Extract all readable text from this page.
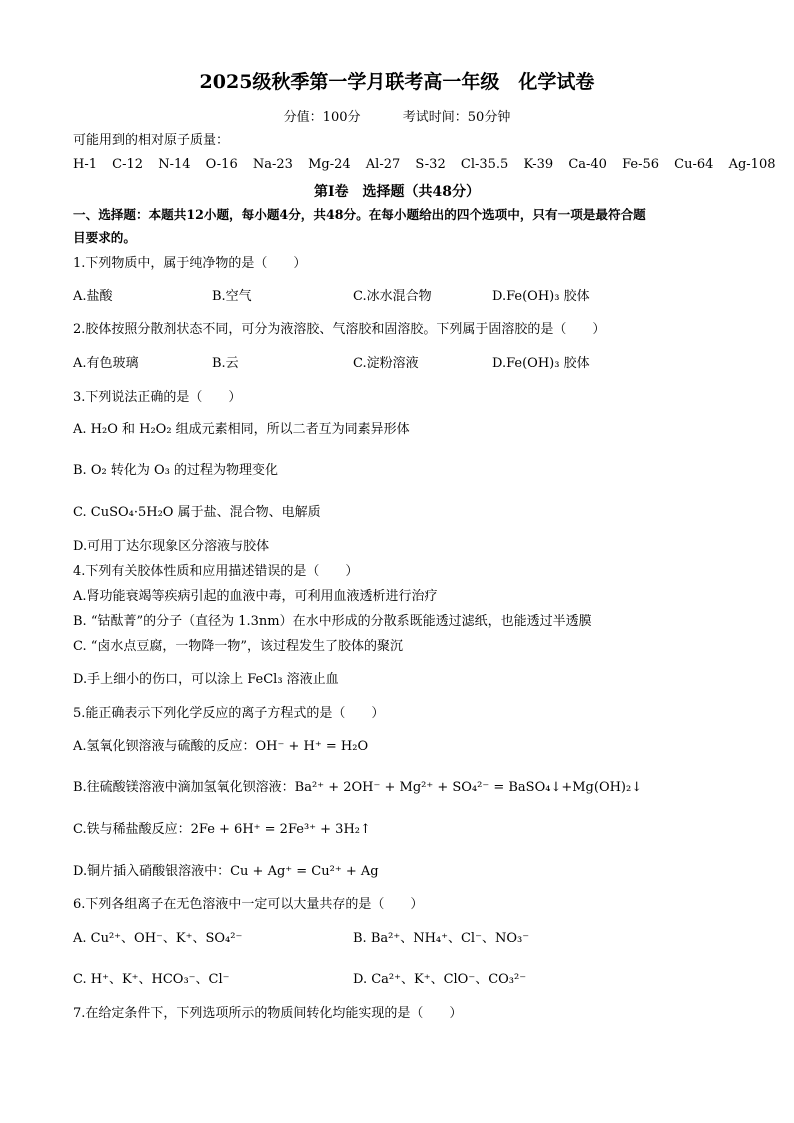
2025级秋季第一学月联考高一年级　化学试卷
分值：100分	考试时间：50分钟
可能用到的相对原子质量：
H-1 C-12 N-14 O-16 Na-23 Mg-24 Al-27 S-32 Cl-35.5 K-39 Ca-40 Fe-56 Cu-64 Ag-108
第Ⅰ卷　选择题（共48分）
一、选择题：本题共12小题，每小题4分，共48分。在每小题给出的四个选项中，只有一项是最符合题
目要求的。
1.下列物质中，属于纯净物的是（　　）
A.盐酸	B.空气	C.冰水混合物	D.Fe(OH)₃ 胶体
2.胶体按照分散剂状态不同，可分为液溶胶、气溶胶和固溶胶。下列属于固溶胶的是（　　）
A.有色玻璃	B.云	C.淀粉溶液	D.Fe(OH)₃ 胶体
3.下列说法正确的是（　　）
A. H₂O 和 H₂O₂ 组成元素相同，所以二者互为同素异形体
B. O₂ 转化为 O₃ 的过程为物理变化
C. CuSO₄·5H₂O 属于盐、混合物、电解质
D.可用丁达尔现象区分溶液与胶体
4.下列有关胶体性质和应用描述错误的是（　　）
A.肾功能衰竭等疾病引起的血液中毒，可利用血液透析进行治疗
B. “钴酞菁”的分子（直径为 1.3nm）在水中形成的分散系既能透过滤纸，也能透过半透膜
C. “卤水点豆腐，一物降一物”，该过程发生了胶体的聚沉
D.手上细小的伤口，可以涂上 FeCl₃ 溶液止血
5.能正确表示下列化学反应的离子方程式的是（　　）
A.氢氧化钡溶液与硫酸的反应：OH⁻ + H⁺ = H₂O
B.往硫酸镁溶液中滴加氢氧化钡溶液：Ba²⁺ + 2OH⁻ + Mg²⁺ + SO₄²⁻ = BaSO₄↓+Mg(OH)₂↓
C.铁与稀盐酸反应：2Fe + 6H⁺ = 2Fe³⁺ + 3H₂↑
D.铜片插入硝酸银溶液中：Cu + Ag⁺ = Cu²⁺ + Ag
6.下列各组离子在无色溶液中一定可以大量共存的是（　　）
A. Cu²⁺、OH⁻、K⁺、SO₄²⁻	B. Ba²⁺、NH₄⁺、Cl⁻、NO₃⁻
C. H⁺、K⁺、HCO₃⁻、Cl⁻	D. Ca²⁺、K⁺、ClO⁻、CO₃²⁻
7.在给定条件下，下列选项所示的物质间转化均能实现的是（　　）
